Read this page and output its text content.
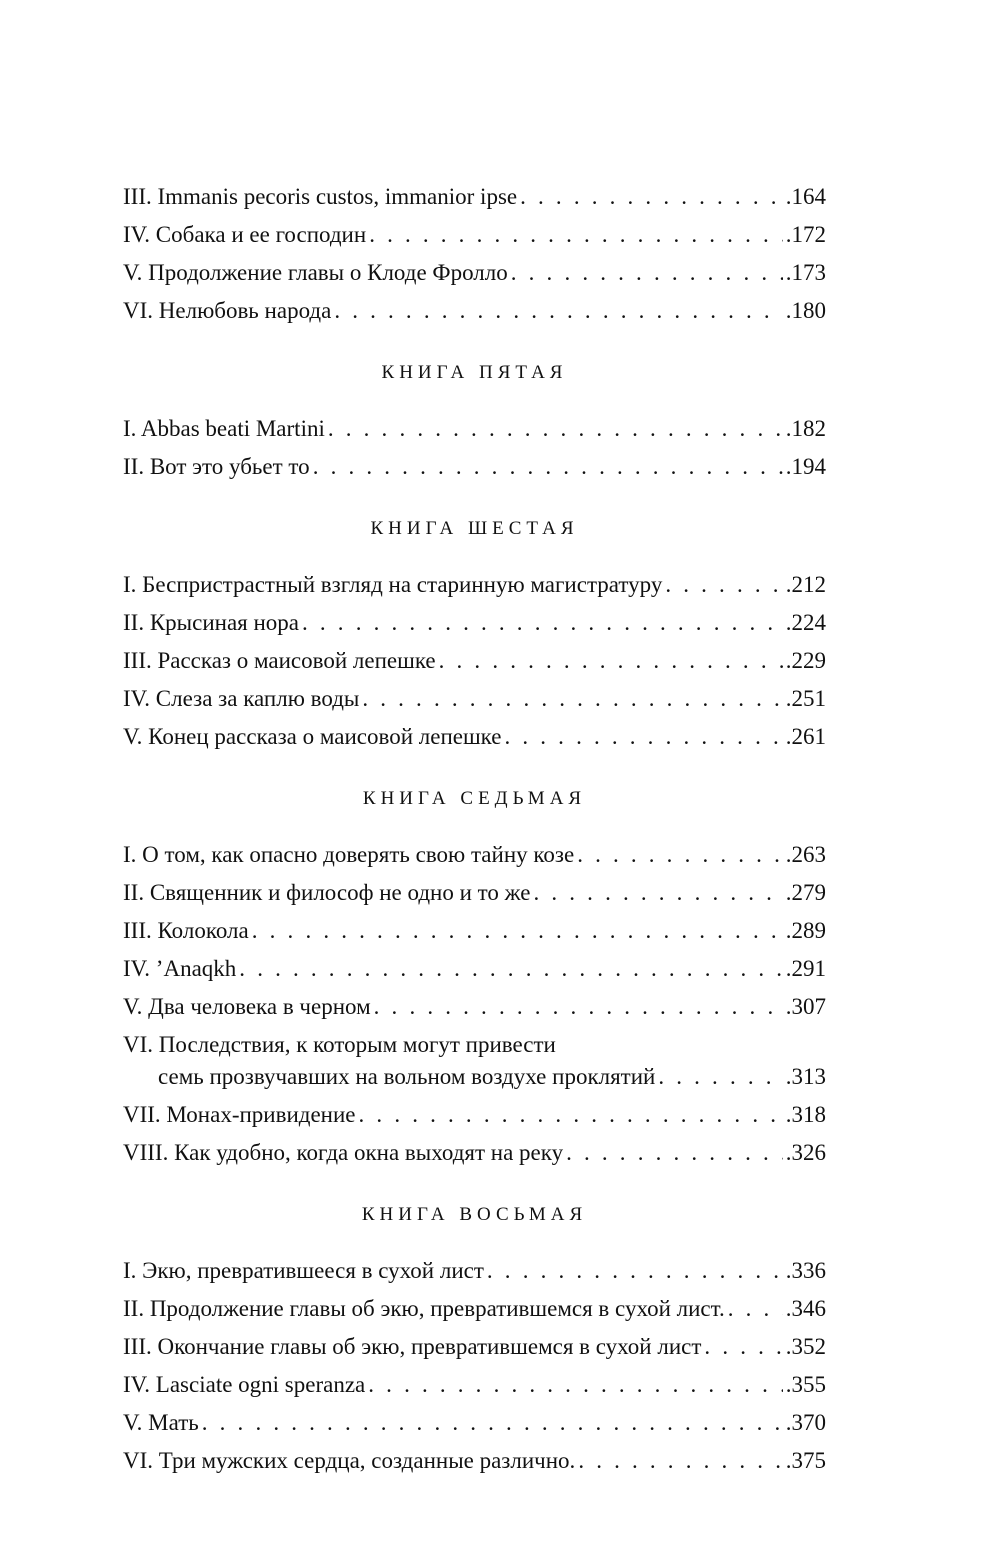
III. Immanis pecoris custos, immanior ipse . . .	.164
IV. Собака и ее господин . . .	.172
V. Продолжение главы о Клоде Фролло . . .	.173
VI. Нелюбовь народа . . .	.180
КНИГА ПЯТАЯ
I. Abbas beati Martini . . .	.182
II. Вот это убьет то . . .	.194
КНИГА ШЕСТАЯ
I. Беспристрастный взгляд на старинную магистратуру . . .	.212
II. Крысиная нора . . .	.224
III. Рассказ о маисовой лепешке . . .	.229
IV. Слеза за каплю воды . . .	.251
V. Конец рассказа о маисовой лепешке . . .	.261
КНИГА СЕДЬМАЯ
I. О том, как опасно доверять свою тайну козе . . .	.263
II. Священник и философ не одно и то же . . .	.279
III. Колокола . . .	.289
IV. ’Anaqkh . . .	.291
V. Два человека в черном . . .	.307
VI. Последствия, к которым могут привести
семь прозвучавших на вольном воздухе проклятий . . .	.313
VII. Монах-привидение . . .	.318
VIII. Как удобно, когда окна выходят на реку . . .	.326
КНИГА ВОСЬМАЯ
I. Экю, превратившееся в сухой лист . . .	.336
II. Продолжение главы об экю, превратившемся в сухой лист. . . .	.346
III. Окончание главы об экю, превратившемся в сухой лист . . .	.352
IV. Lasciate ogni speranza . . .	.355
V. Мать . . .	.370
VI. Три мужских сердца, созданные различно. . . .	.375
